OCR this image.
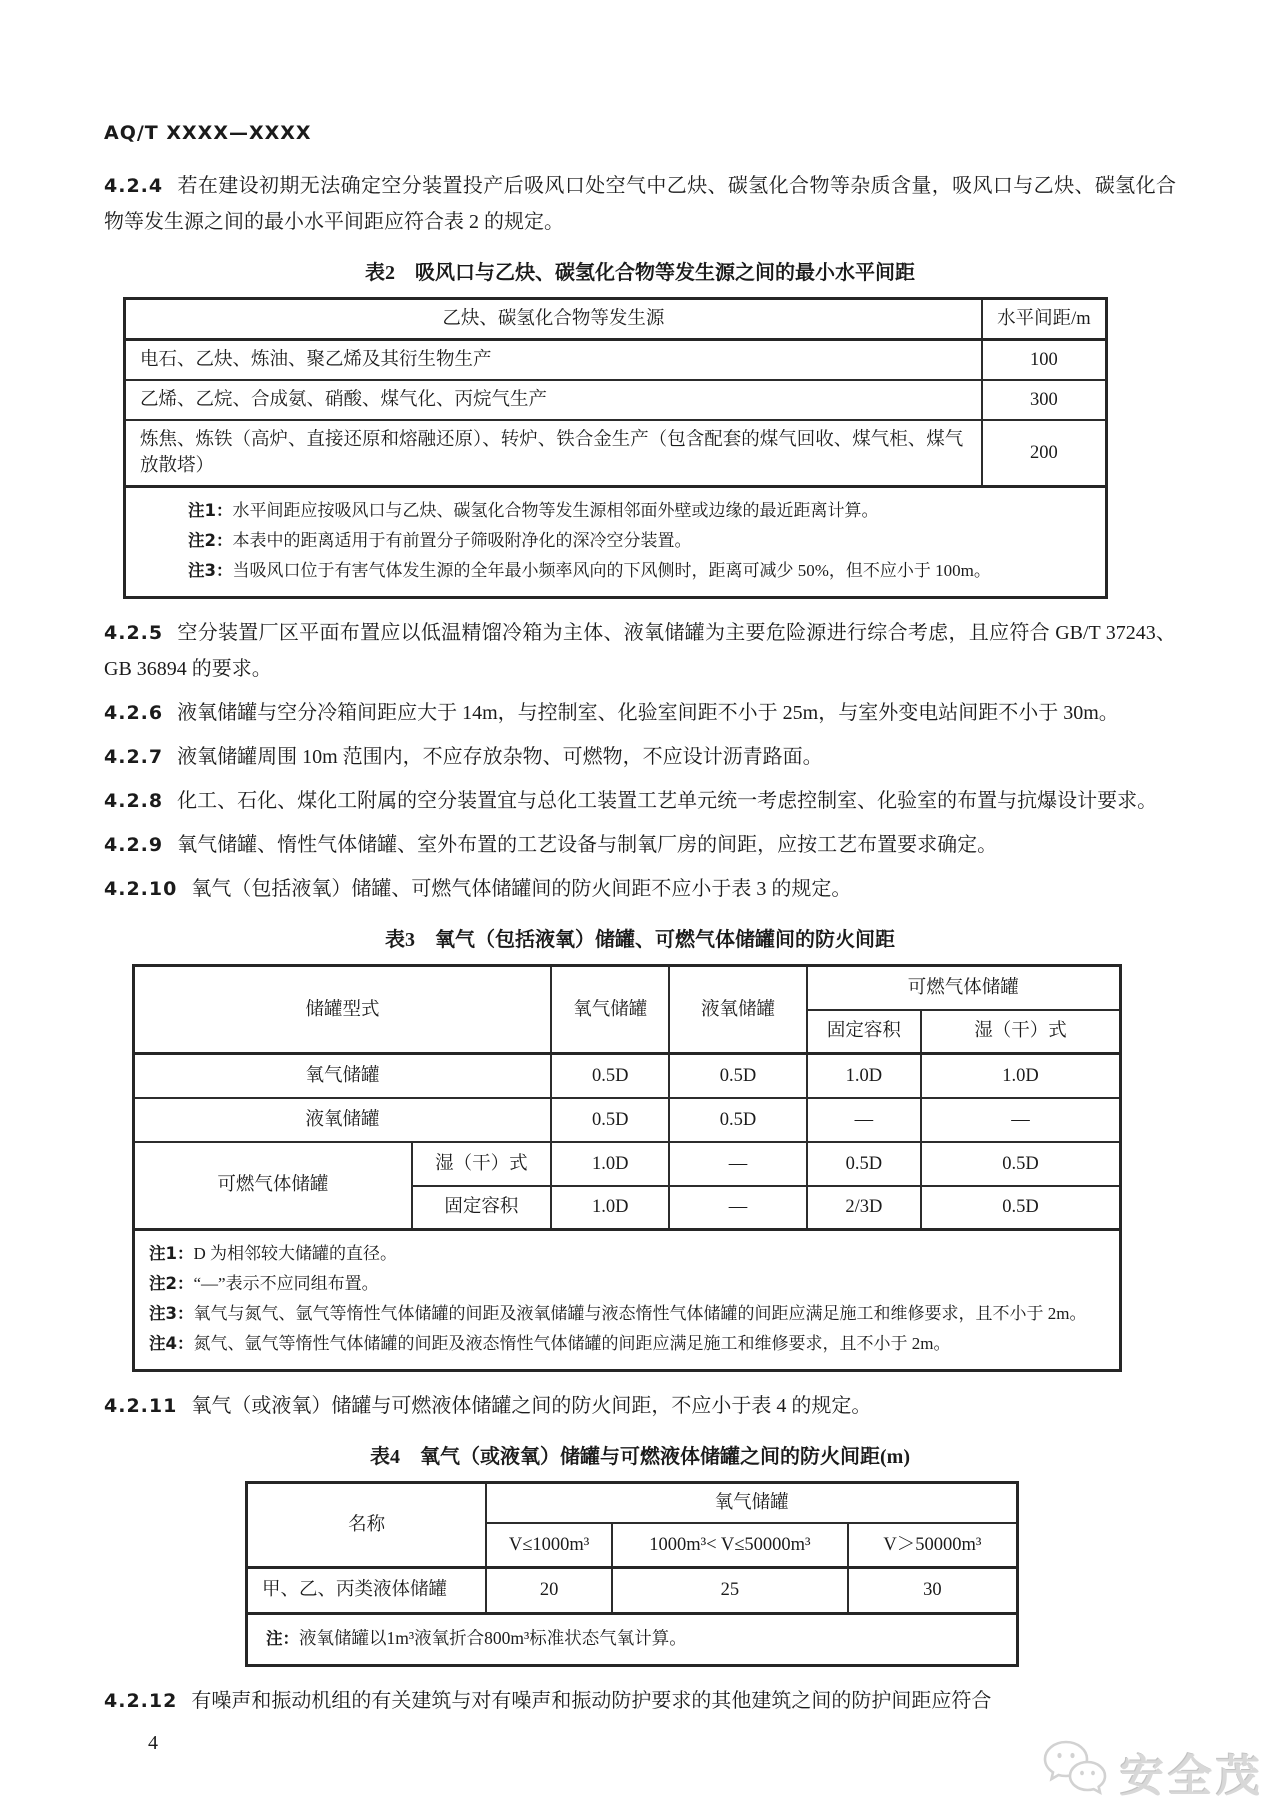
AQ/T XXXX—XXXX

4.2.4 若在建设初期无法确定空分装置投产后吸风口处空气中乙炔、碳氢化合物等杂质含量，吸风口与乙炔、碳氢化合物等发生源之间的最小水平间距应符合表 2 的规定。

表2　吸风口与乙炔、碳氢化合物等发生源之间的最小水平间距

乙炔、碳氢化合物等发生源	水平间距/m
电石、乙炔、炼油、聚乙烯及其衍生物生产	100
乙烯、乙烷、合成氨、硝酸、煤气化、丙烷气生产	300
炼焦、炼铁（高炉、直接还原和熔融还原）、转炉、铁合金生产（包含配套的煤气回收、煤气柜、煤气放散塔）	200

注1：水平间距应按吸风口与乙炔、碳氢化合物等发生源相邻面外壁或边缘的最近距离计算。
注2：本表中的距离适用于有前置分子筛吸附净化的深冷空分装置。
注3：当吸风口位于有害气体发生源的全年最小频率风向的下风侧时，距离可减少 50%，但不应小于 100m。	

4.2.5 空分装置厂区平面布置应以低温精馏冷箱为主体、液氧储罐为主要危险源进行综合考虑，且应符合 GB/T 37243、GB 36894 的要求。

4.2.6 液氧储罐与空分冷箱间距应大于 14m，与控制室、化验室间距不小于 25m，与室外变电站间距不小于 30m。

4.2.7 液氧储罐周围 10m 范围内，不应存放杂物、可燃物，不应设计沥青路面。

4.2.8 化工、石化、煤化工附属的空分装置宜与总化工装置工艺单元统一考虑控制室、化验室的布置与抗爆设计要求。

4.2.9 氧气储罐、惰性气体储罐、室外布置的工艺设备与制氧厂房的间距，应按工艺布置要求确定。

4.2.10 氧气（包括液氧）储罐、可燃气体储罐间的防火间距不应小于表 3 的规定。

表3　氧气（包括液氧）储罐、可燃气体储罐间的防火间距

储罐型式		氧气储罐	液氧储罐	可燃气体储罐	
				固定容积	湿（干）式
氧气储罐		0.5D	0.5D	1.0D	1.0D
液氧储罐		0.5D	0.5D	—	—
可燃气体储罐	湿（干）式	1.0D	—	0.5D	0.5D
	固定容积	1.0D	—	2/3D	0.5D

注1：D 为相邻较大储罐的直径。
注2：“—”表示不应同组布置。
注3：氧气与氮气、氩气等惰性气体储罐的间距及液氧储罐与液态惰性气体储罐的间距应满足施工和维修要求，且不小于 2m。
注4：氮气、氩气等惰性气体储罐的间距及液态惰性气体储罐的间距应满足施工和维修要求，且不小于 2m。					

4.2.11 氧气（或液氧）储罐与可燃液体储罐之间的防火间距，不应小于表 4 的规定。

表4　氧气（或液氧）储罐与可燃液体储罐之间的防火间距(m)

名称	氧气储罐		
	V≤1000m³	1000m³< V≤50000m³	V＞50000m³
甲、乙、丙类液体储罐	20	25	30

注：液氧储罐以1m³液氧折合800m³标准状态气氧计算。			

4.2.12 有噪声和振动机组的有关建筑与对有噪声和振动防护要求的其他建筑之间的防护间距应符合

4
安全茂
